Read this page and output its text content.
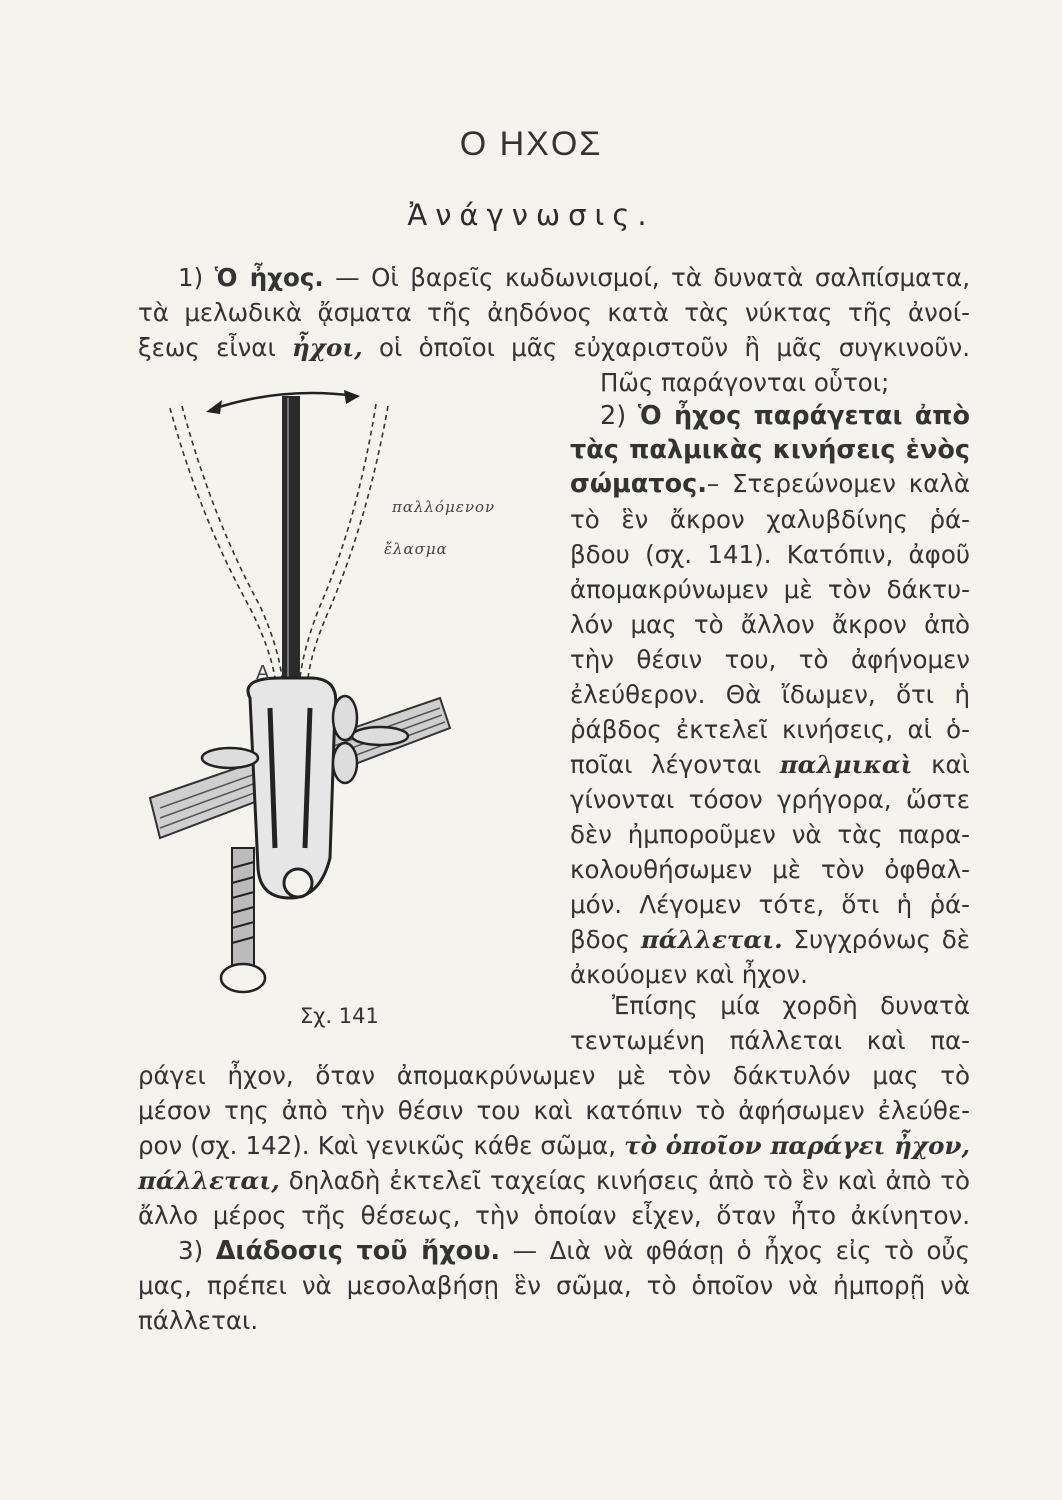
Ο ΗΧΟΣ
Ἀνάγνωσις.
1) Ὁ ἦχος. — Οἱ βαρεῖς κωδωνισμοί, τὰ δυνατὰ σαλπίσματα,
τὰ μελωδικὰ ᾄσματα τῆς ἀηδόνος κατὰ τὰς νύκτας τῆς ἀνοί-
ξεως εἶναι ἦχοι, οἱ ὁποῖοι μᾶς εὐχαριστοῦν ἢ μᾶς συγκινοῦν.
Πῶς παράγονται οὗτοι;
2) Ὁ ἦχος παράγεται ἀπὸ
τὰς παλμικὰς κινήσεις ἑνὸς
σώματος.– Στερεώνομεν καλὰ
τὸ ἓν ἄκρον χαλυβδίνης ῥά-
βδου (σχ. 141). Κατόπιν, ἀφοῦ
ἀπομακρύνωμεν μὲ τὸν δάκτυ-
λόν μας τὸ ἄλλον ἄκρον ἀπὸ
τὴν θέσιν του, τὸ ἀφήνομεν
ἐλεύθερον. Θὰ ἴδωμεν, ὅτι ἡ
ῥάβδος ἐκτελεῖ κινήσεις, αἱ ὁ-
ποῖαι λέγονται παλμικαὶ καὶ
γίνονται τόσον γρήγορα, ὥστε
δὲν ἠμποροῦμεν νὰ τὰς παρα-
κολουθήσωμεν μὲ τὸν ὀφθαλ-
μόν. Λέγομεν τότε, ὅτι ἡ ῥά-
βδος πάλλεται. Συγχρόνως δὲ
ἀκούομεν καὶ ἦχον.
Ἐπίσης μία χορδὴ δυνατὰ
τεντωμένη πάλλεται καὶ πα-
ράγει ἦχον, ὅταν ἀπομακρύνωμεν μὲ τὸν δάκτυλόν μας τὸ
μέσον της ἀπὸ τὴν θέσιν του καὶ κατόπιν τὸ ἀφήσωμεν ἐλεύθε-
ρον (σχ. 142). Καὶ γενικῶς κάθε σῶμα, τὸ ὁποῖον παράγει ἦχον,
πάλλεται, δηλαδὴ ἐκτελεῖ ταχείας κινήσεις ἀπὸ τὸ ἓν καὶ ἀπὸ τὸ
ἄλλο μέρος τῆς θέσεως, τὴν ὁποίαν εἶχεν, ὅταν ἦτο ἀκίνητον.
3) Διάδοσις τοῦ ἤχου. — Διὰ νὰ φθάσῃ ὁ ἦχος εἰς τὸ οὖς
μας, πρέπει νὰ μεσολαβήσῃ ἓν σῶμα, τὸ ὁποῖον νὰ ἠμπορῇ νὰ
πάλλεται.
A
παλλόμενον
ἔλασμα
Σχ. 141
